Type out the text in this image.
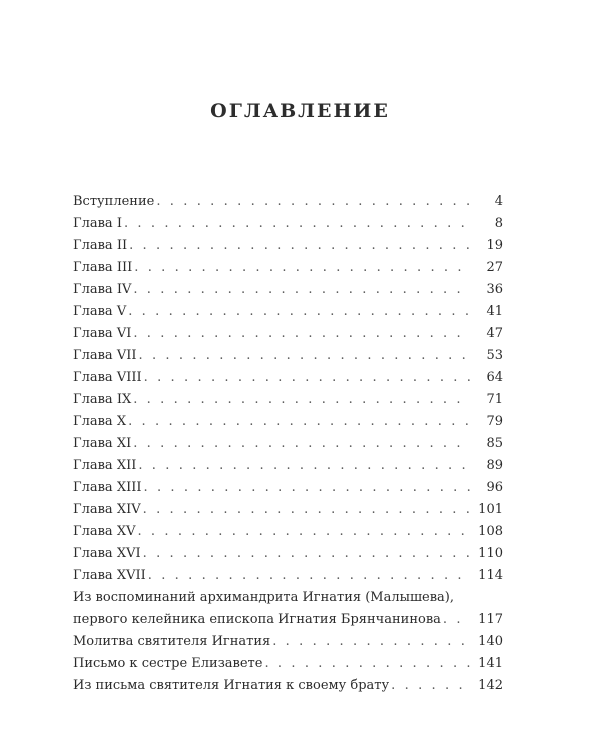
ОГЛАВЛЕНИЕ
Вступление . . .	4
Глава I . . .	8
Глава II . . .	19
Глава III . . .	27
Глава IV . . .	36
Глава V . . .	41
Глава VI . . .	47
Глава VII . . .	53
Глава VIII . . .	64
Глава IX . . .	71
Глава X . . .	79
Глава XI . . .	85
Глава XII . . .	89
Глава XIII . . .	96
Глава XIV . . .	101
Глава XV . . .	108
Глава XVI . . .	110
Глава XVII . . .	114
Из воспоминаний архимандрита Игнатия (Малышева),
первого келейника епископа Игнатия Брянчанинова . . .	117
Молитва святителя Игнатия . . .	140
Письмо к сестре Елизавете . . .	141
Из письма святителя Игнатия к своему брату . . .	142
